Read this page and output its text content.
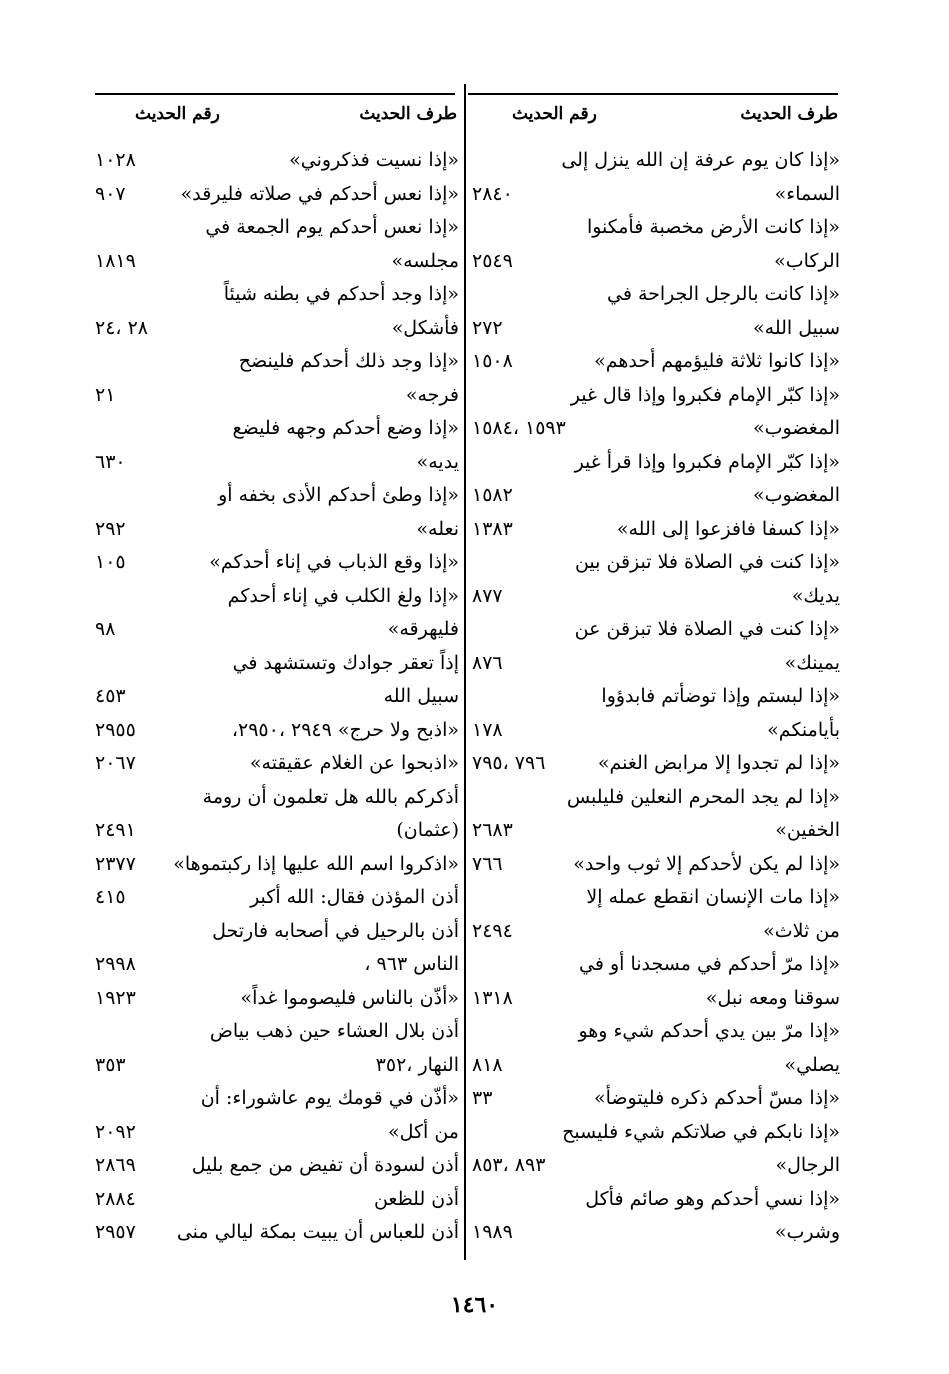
طرف الحديث
رقم الحديث
«إذا كان يوم عرفة إن الله ينزل إلى
السماء»
٢٨٤٠
«إذا كانت الأرض مخصبة فأمكنوا
الركاب»
٢٥٤٩
«إذا كانت بالرجل الجراحة في
سبيل الله»
٢٧٢
«إذا كانوا ثلاثة فليؤمهم أحدهم»
١٥٠٨
«إذا كبّر الإمام فكبروا وإذا قال غير
المغضوب»
١٥٩٣ ،١٥٨٤
«إذا كبّر الإمام فكبروا وإذا قرأ غير
المغضوب»
١٥٨٢
«إذا كسفا فافزعوا إلى الله»
١٣٨٣
«إذا كنت في الصلاة فلا تبزقن بين
يديك»
٨٧٧
«إذا كنت في الصلاة فلا تبزقن عن
يمينك»
٨٧٦
«إذا لبستم وإذا توضأتم فابدؤوا
بأيامنكم»
١٧٨
«إذا لم تجدوا إلا مرابض الغنم»
٧٩٦ ،٧٩٥
«إذا لم يجد المحرم النعلين فليلبس
الخفين»
٢٦٨٣
«إذا لم يكن لأحدكم إلا ثوب واحد»
٧٦٦
«إذا مات الإنسان انقطع عمله إلا
من ثلاث»
٢٤٩٤
«إذا مرّ أحدكم في مسجدنا أو في
سوقنا ومعه نبل»
١٣١٨
«إذا مرّ بين يدي أحدكم شيء وهو
يصلي»
٨١٨
«إذا مسّ أحدكم ذكره فليتوضأ»
٣٣
«إذا نابكم في صلاتكم شيء فليسبح
الرجال»
٨٩٣ ،٨٥٣
«إذا نسي أحدكم وهو صائم فأكل
وشرب»
١٩٨٩
طرف الحديث
رقم الحديث
«إذا نسيت فذكروني»
١٠٢٨
«إذا نعس أحدكم في صلاته فليرقد»
٩٠٧
«إذا نعس أحدكم يوم الجمعة في
مجلسه»
١٨١٩
«إذا وجد أحدكم في بطنه شيئاً
فأشكل»
٢٨ ،٢٤
«إذا وجد ذلك أحدكم فلينضح
فرجه»
٢١
«إذا وضع أحدكم وجهه فليضع
يديه»
٦٣٠
«إذا وطئ أحدكم الأذى بخفه أو
نعله»
٢٩٢
«إذا وقع الذباب في إناء أحدكم»
١٠٥
«إذا ولغ الكلب في إناء أحدكم
فليهرقه»
٩٨
إذاً تعقر جوادك وتستشهد في
سبيل الله
٤٥٣
«اذبح ولا حرج» ٢٩٤٩ ،٢٩٥٠،
٢٩٥٥
«اذبحوا عن الغلام عقيقته»
٢٠٦٧
أذكركم بالله هل تعلمون أن رومة
(عثمان)
٢٤٩١
«اذكروا اسم الله عليها إذا ركبتموها»
٢٣٧٧
أذن المؤذن فقال: الله أكبر
٤١٥
أذن بالرحيل في أصحابه فارتحل
الناس ٩٦٣ ،
٢٩٩٨
«أذّن بالناس فليصوموا غداً»
١٩٢٣
أذن بلال العشاء حين ذهب بياض
النهار ،٣٥٢
٣٥٣
«أذّن في قومك يوم عاشوراء: أن
من أكل»
٢٠٩٢
أذن لسودة أن تفيض من جمع بليل
٢٨٦٩
أذن للظعن
٢٨٨٤
أذن للعباس أن يبيت بمكة ليالي منى
٢٩٥٧
١٤٦٠
